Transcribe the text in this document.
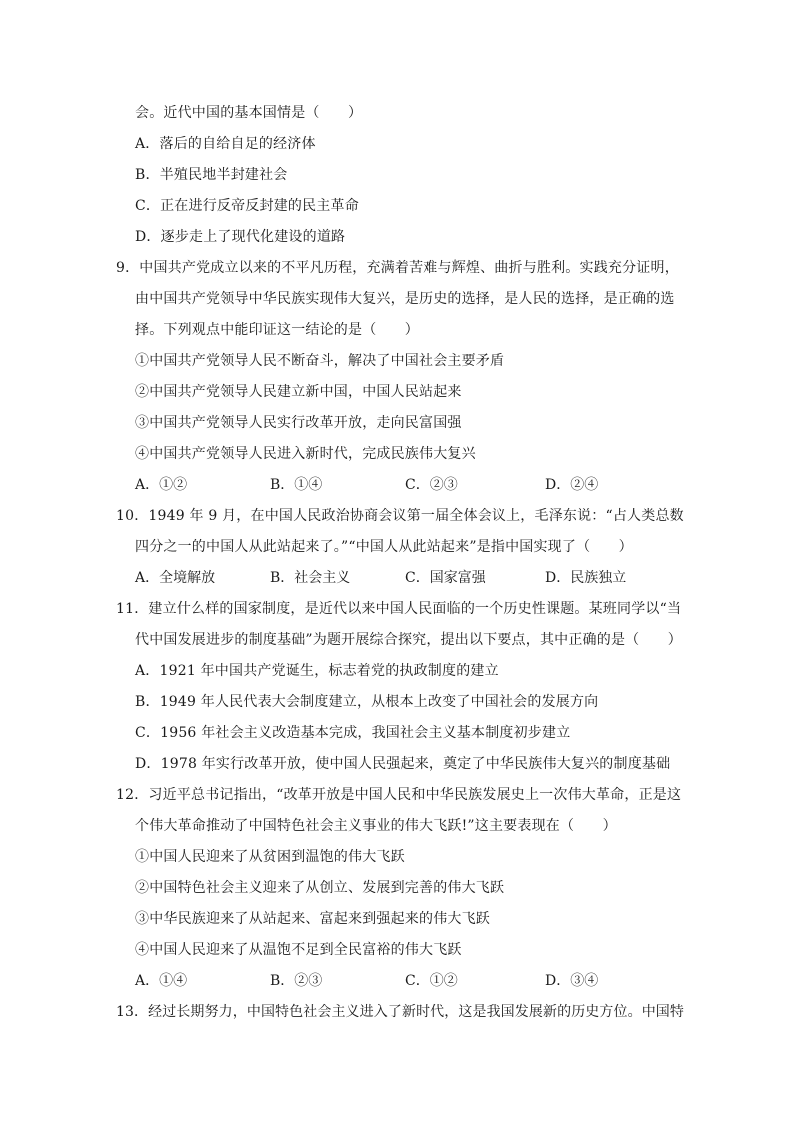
会。近代中国的基本国情是（　　）
A．落后的自给自足的经济体
B．半殖民地半封建社会
C．正在进行反帝反封建的民主革命
D．逐步走上了现代化建设的道路
9．中国共产党成立以来的不平凡历程，充满着苦难与辉煌、曲折与胜利。实践充分证明，
由中国共产党领导中华民族实现伟大复兴，是历史的选择，是人民的选择，是正确的选
择。下列观点中能印证这一结论的是（　　）
①中国共产党领导人民不断奋斗，解决了中国社会主要矛盾
②中国共产党领导人民建立新中国，中国人民站起来
③中国共产党领导人民实行改革开放，走向民富国强
④中国共产党领导人民进入新时代，完成民族伟大复兴
A．①②	B．①④	C．②③	D．②④
10．1949 年 9 月，在中国人民政治协商会议第一届全体会议上，毛泽东说：“占人类总数
四分之一的中国人从此站起来了。”“中国人从此站起来”是指中国实现了（　　）
A．全境解放	B．社会主义	C．国家富强	D．民族独立
11．建立什么样的国家制度，是近代以来中国人民面临的一个历史性课题。某班同学以“当
代中国发展进步的制度基础”为题开展综合探究，提出以下要点，其中正确的是（　　）
A．1921 年中国共产党诞生，标志着党的执政制度的建立
B．1949 年人民代表大会制度建立，从根本上改变了中国社会的发展方向
C．1956 年社会主义改造基本完成，我国社会主义基本制度初步建立
D．1978 年实行改革开放，使中国人民强起来，奠定了中华民族伟大复兴的制度基础
12．习近平总书记指出，“改革开放是中国人民和中华民族发展史上一次伟大革命，正是这
个伟大革命推动了中国特色社会主义事业的伟大飞跃!”这主要表现在（　　）
①中国人民迎来了从贫困到温饱的伟大飞跃
②中国特色社会主义迎来了从创立、发展到完善的伟大飞跃
③中华民族迎来了从站起来、富起来到强起来的伟大飞跃
④中国人民迎来了从温饱不足到全民富裕的伟大飞跃
A．①④	B．②③	C．①②	D．③④
13．经过长期努力，中国特色社会主义进入了新时代，这是我国发展新的历史方位。中国特
